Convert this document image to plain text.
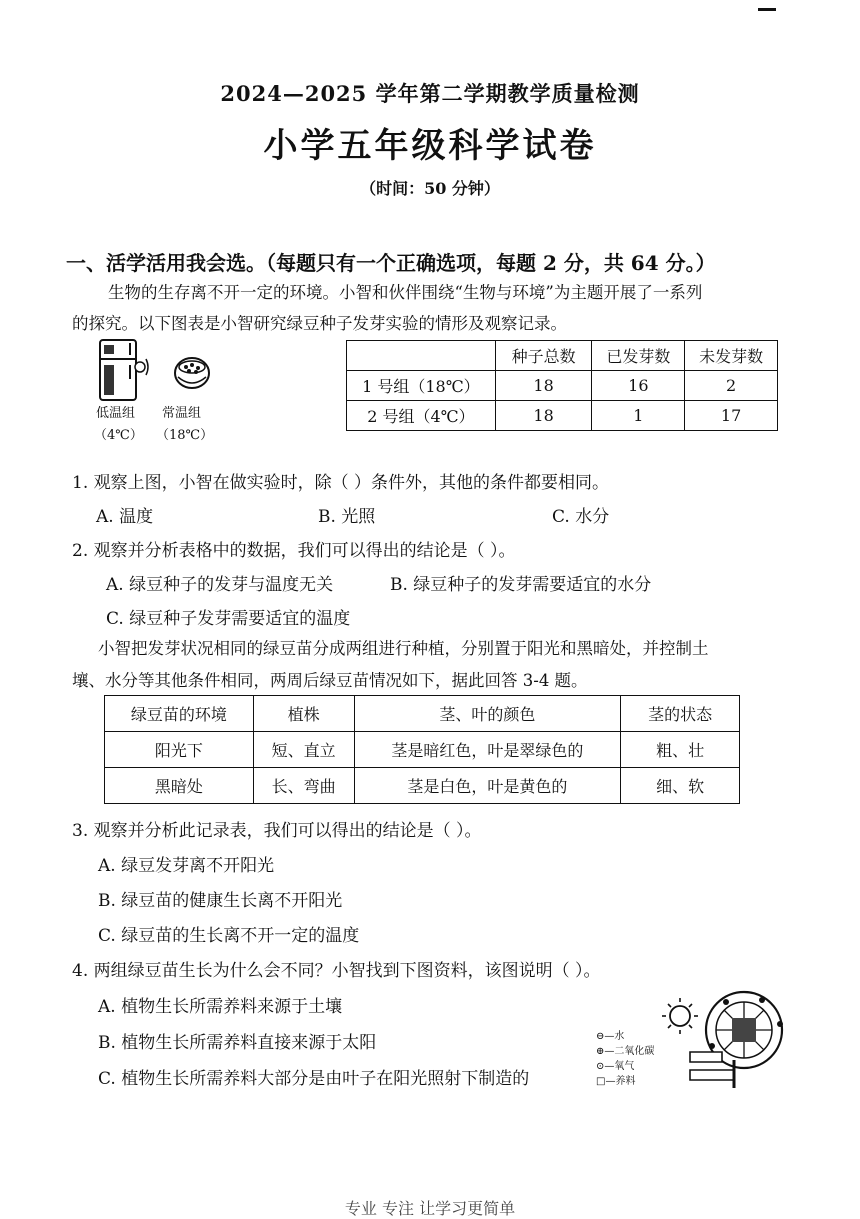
2024—2025 学年第二学期教学质量检测
小学五年级科学试卷
（时间：50 分钟）
一、活学活用我会选。（每题只有一个正确选项，每题 2 分，共 64 分。）
生物的生存离不开一定的环境。小智和伙伴围绕“生物与环境”为主题开展了一系列
的探究。以下图表是小智研究绿豆种子发芽实验的情形及观察记录。
低温组
（4℃）
常温组
（18℃）
	种子总数	已发芽数	未发芽数
1 号组（18℃）	18	16	2
2 号组（4℃）	18	1	17
1. 观察上图，小智在做实验时，除（ ）条件外，其他的条件都要相同。
A. 温度	B. 光照	C. 水分
2. 观察并分析表格中的数据，我们可以得出的结论是（ ）。
A. 绿豆种子的发芽与温度无关	B. 绿豆种子的发芽需要适宜的水分
C. 绿豆种子发芽需要适宜的温度
小智把发芽状况相同的绿豆苗分成两组进行种植，分别置于阳光和黑暗处，并控制土
壤、水分等其他条件相同，两周后绿豆苗情况如下，据此回答 3-4 题。
绿豆苗的环境	植株	茎、叶的颜色	茎的状态
阳光下	短、直立	茎是暗红色，叶是翠绿色的	粗、壮
黑暗处	长、弯曲	茎是白色，叶是黄色的	细、软
3. 观察并分析此记录表，我们可以得出的结论是（ ）。
A. 绿豆发芽离不开阳光
B. 绿豆苗的健康生长离不开阳光
C. 绿豆苗的生长离不开一定的温度
4. 两组绿豆苗生长为什么会不同？小智找到下图资料，该图说明（ ）。
A. 植物生长所需养料来源于土壤
B. 植物生长所需养料直接来源于太阳
C. 植物生长所需养料大部分是由叶子在阳光照射下制造的
⊖—水
⊕—二氧化碳
⊙—氧气
□—养料
专业 专注 让学习更简单
